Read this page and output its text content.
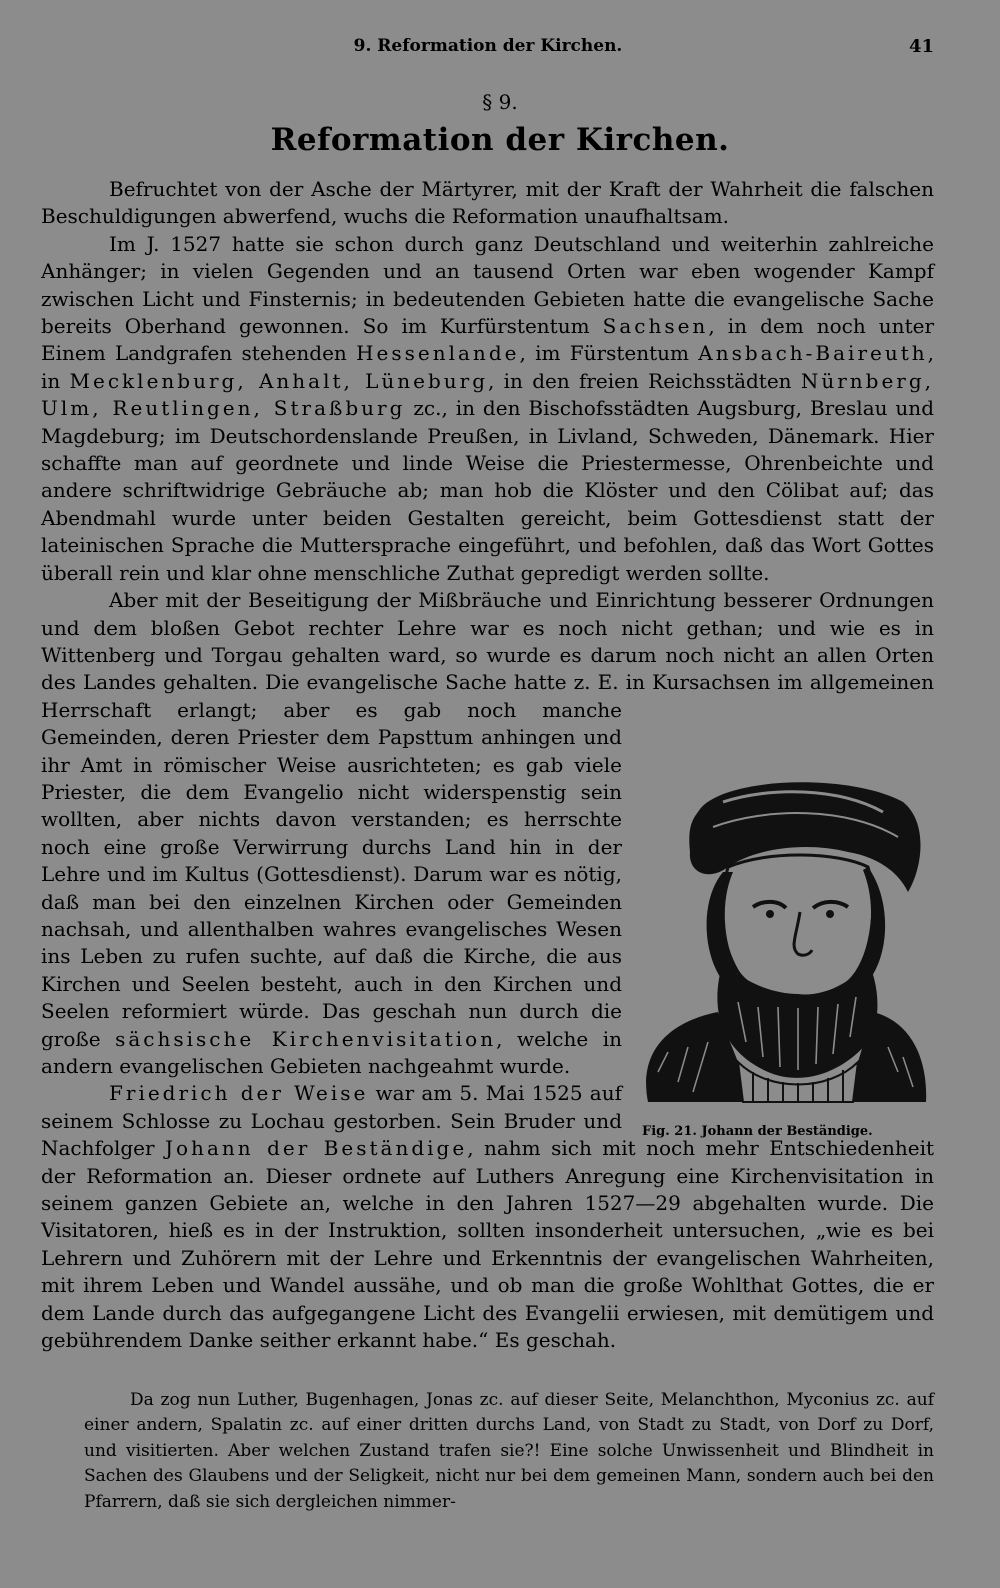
9. Reformation der Kirchen.	41
§ 9.
Reformation der Kirchen.

Befruchtet von der Asche der Märtyrer, mit der Kraft der Wahrheit die falschen Beschuldigungen abwerfend, wuchs die Reformation unaufhaltsam.

Im J. 1527 hatte sie schon durch ganz Deutschland und weiterhin zahlreiche Anhänger; in vielen Gegenden und an tausend Orten war eben wogender Kampf zwischen Licht und Finsternis; in bedeutenden Gebieten hatte die evangelische Sache bereits Oberhand gewonnen. So im Kurfürstentum Sachsen, in dem noch unter Einem Landgrafen stehenden Hessenlande, im Fürstentum Ansbach-Baireuth, in Mecklenburg, Anhalt, Lüneburg, in den freien Reichsstädten Nürnberg, Ulm, Reutlingen, Straßburg zc., in den Bischofsstädten Augsburg, Breslau und Magdeburg; im Deutschordenslande Preußen, in Livland, Schweden, Dänemark. Hier schaffte man auf geordnete und linde Weise die Priestermesse, Ohrenbeichte und andere schriftwidrige Gebräuche ab; man hob die Klöster und den Cölibat auf; das Abendmahl wurde unter beiden Gestalten gereicht, beim Gottesdienst statt der lateinischen Sprache die Muttersprache eingeführt, und befohlen, daß das Wort Gottes überall rein und klar ohne menschliche Zuthat gepredigt werden sollte.

Aber mit der Beseitigung der Mißbräuche und Einrichtung besserer Ordnungen und dem bloßen Gebot rechter Lehre war es noch nicht gethan; und wie es in Wittenberg und Torgau gehalten ward, so wurde es darum noch nicht an allen Orten des Landes gehalten. Die evangelische Sache hatte z. E. in Kursachsen im allgemeinen Herrschaft erlangt; aber es gab noch manche Gemeinden, deren Priester dem Papsttum anhingen und ihr Amt in römischer Weise ausrichteten; es gab viele Priester, die dem Evangelio nicht widerspenstig sein wollten, aber nichts davon verstanden; es herrschte noch eine große Verwirrung durchs Land hin in der Lehre und im Kultus (Gottesdienst). Darum war es nötig, daß man bei den einzelnen Kirchen oder Gemeinden nachsah, und allenthalben wahres evangelisches Wesen ins Leben zu rufen suchte, auf daß die Kirche, die aus Kirchen und Seelen besteht, auch in den Kirchen und Seelen reformiert würde. Das geschah nun durch die große sächsische Kirchenvisitation, welche in andern evangelischen Gebieten nachgeahmt wurde.

Friedrich der Weise war am 5. Mai 1525 auf seinem Schlosse zu Lochau gestorben. Sein Bruder und Nachfolger Johann der Beständige, nahm sich mit noch mehr Entschiedenheit der Reformation an. Dieser ordnete auf Luthers Anregung eine Kirchenvisitation in seinem ganzen Gebiete an, welche in den Jahren 1527—29 abgehalten wurde. Die Visitatoren, hieß es in der Instruktion, sollten insonderheit untersuchen, „wie es bei Lehrern und Zuhörern mit der Lehre und Erkenntnis der evangelischen Wahrheiten, mit ihrem Leben und Wandel aussähe, und ob man die große Wohlthat Gottes, die er dem Lande durch das aufgegangene Licht des Evangelii erwiesen, mit demütigem und gebührendem Danke seither erkannt habe.“ Es geschah.

Fig. 21. Johann der Beständige.

Da zog nun Luther, Bugenhagen, Jonas zc. auf dieser Seite, Melanchthon, Myconius zc. auf einer andern, Spalatin zc. auf einer dritten durchs Land, von Stadt zu Stadt, von Dorf zu Dorf, und visitierten. Aber welchen Zustand trafen sie?! Eine solche Unwissenheit und Blindheit in Sachen des Glaubens und der Seligkeit, nicht nur bei dem gemeinen Mann, sondern auch bei den Pfarrern, daß sie sich dergleichen nimmer-
